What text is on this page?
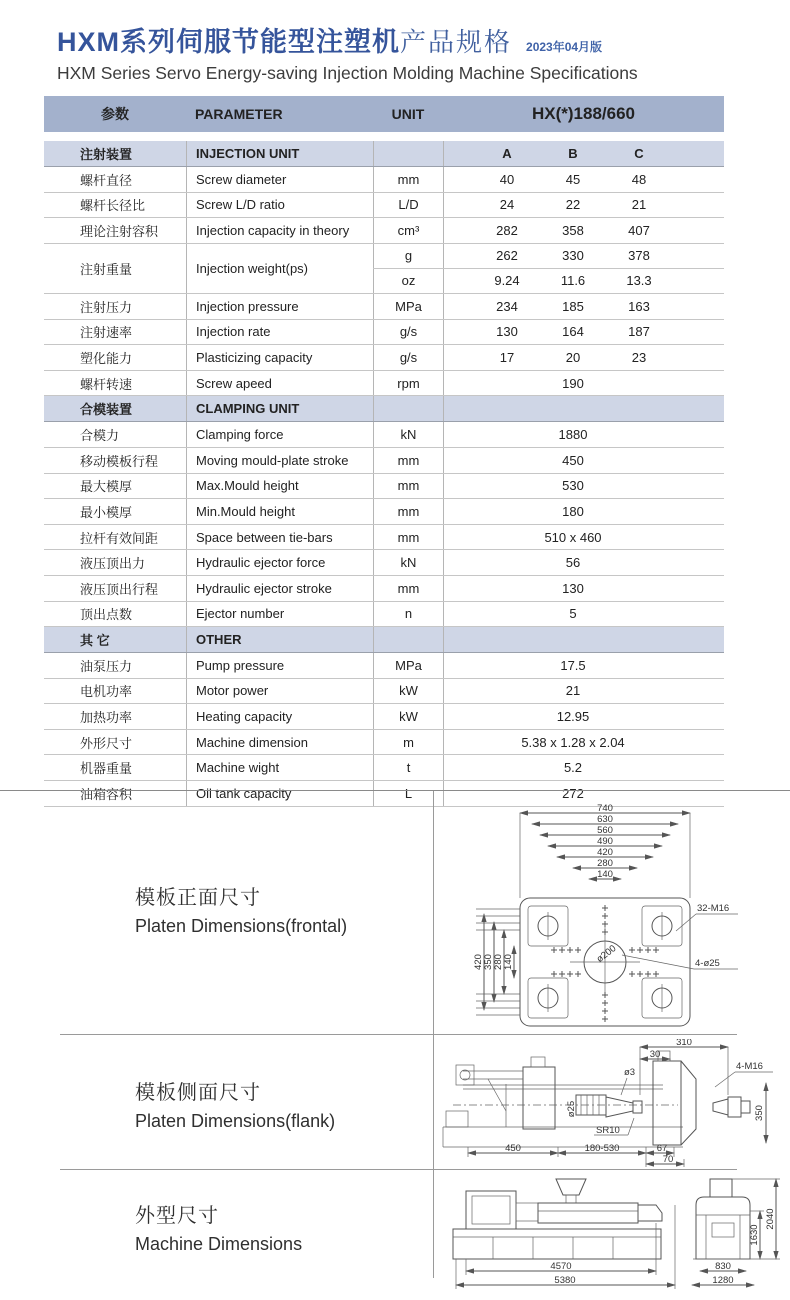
HXM系列伺服节能型注塑机产品规格 2023年04月版
HXM Series Servo Energy-saving Injection Molding Machine Specifications
参数	PARAMETER	UNIT	HX(*)188/660
注射装置	INJECTION UNIT	A	B	C
螺杆直径	Screw diameter	mm	40	45	48
螺杆长径比	Screw L/D ratio	L/D	24	22	21
理论注射容积	Injection capacity in theory	cm³	282	358	407
注射重量	Injection weight(ps)
g	262	330	378
oz	9.24	11.6	13.3
注射压力	Injection pressure	MPa	234	185	163
注射速率	Injection rate	g/s	130	164	187
塑化能力	Plasticizing capacity	g/s	17	20	23
螺杆转速	Screw apeed	rpm	190
合模装置	CLAMPING UNIT
合模力	Clamping force	kN	1880
移动模板行程	Moving mould-plate stroke	mm	450
最大模厚	Max.Mould height	mm	530
最小模厚	Min.Mould height	mm	180
拉杆有效间距	Space between tie-bars	mm	510 x 460
液压顶出力	Hydraulic ejector force	kN	56
液压顶出行程	Hydraulic ejector stroke	mm	130
顶出点数	Ejector number	n	5
其 它	OTHER
油泵压力	Pump pressure	MPa	17.5
电机功率	Motor power	kW	21
加热功率	Heating capacity	kW	12.95
外形尺寸	Machine dimension	m	5.38 x 1.28 x 2.04
机器重量	Machine wight	t	5.2
油箱容积	Oil tank capacity	L	272
模板正面尺寸
Platen Dimensions(frontal)
模板侧面尺寸
Platen Dimensions(flank)
外型尺寸
Machine Dimensions
740
630
560
490
420
280
140
420 350 280 140
32-M16
4-ø25
ø200
310
30
4-M16
350
ø3
ø25
SR10
450	180-530	67
70
4570
5380
830
1280
1630
2040
